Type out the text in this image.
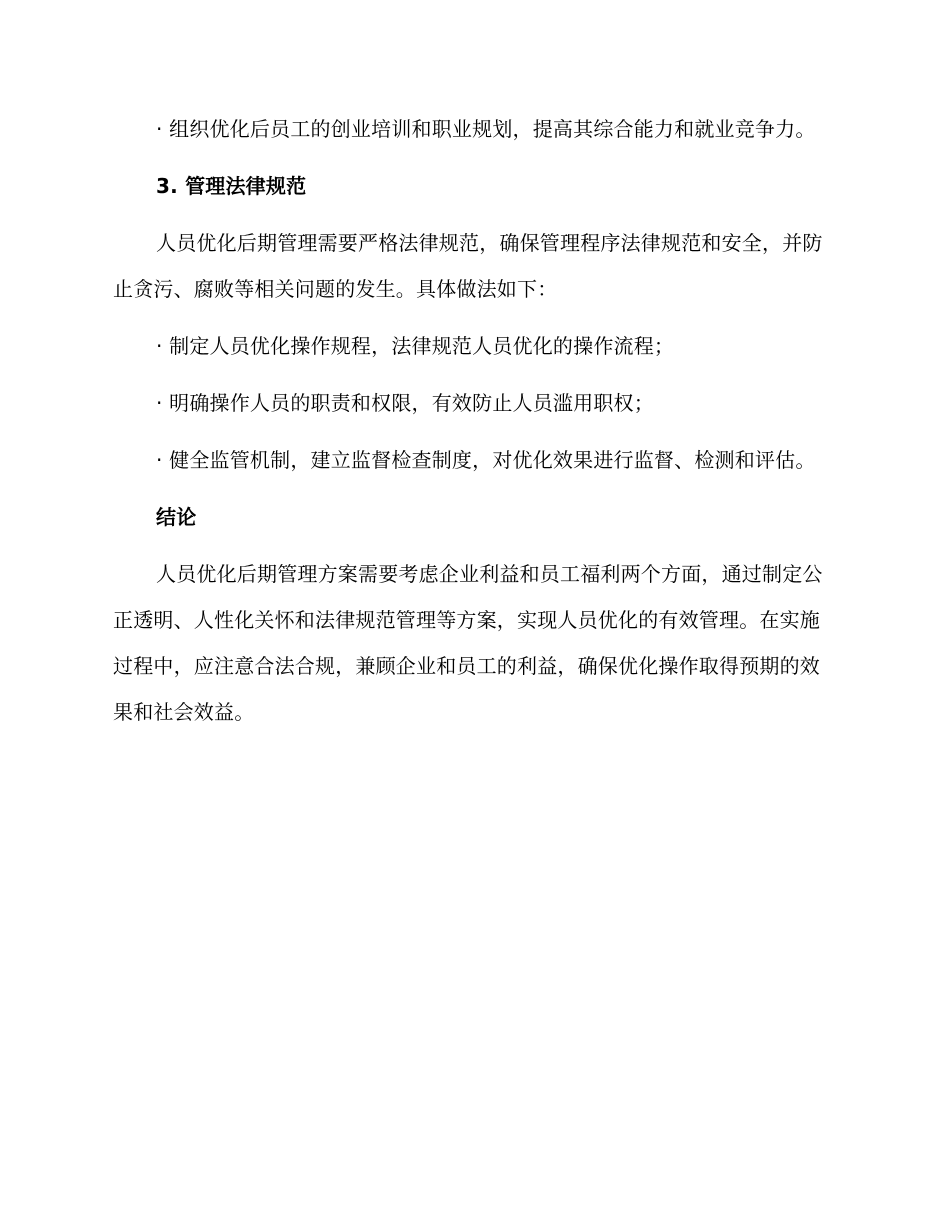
· 组织优化后员工的创业培训和职业规划，提高其综合能力和就业竞争力。

3. 管理法律规范

人员优化后期管理需要严格法律规范，确保管理程序法律规范和安全，并防止贪污、腐败等相关问题的发生。具体做法如下：

· 制定人员优化操作规程，法律规范人员优化的操作流程；

· 明确操作人员的职责和权限，有效防止人员滥用职权；

· 健全监管机制，建立监督检查制度，对优化效果进行监督、检测和评估。

结论

人员优化后期管理方案需要考虑企业利益和员工福利两个方面，通过制定公正透明、人性化关怀和法律规范管理等方案，实现人员优化的有效管理。在实施过程中，应注意合法合规，兼顾企业和员工的利益，确保优化操作取得预期的效果和社会效益。
